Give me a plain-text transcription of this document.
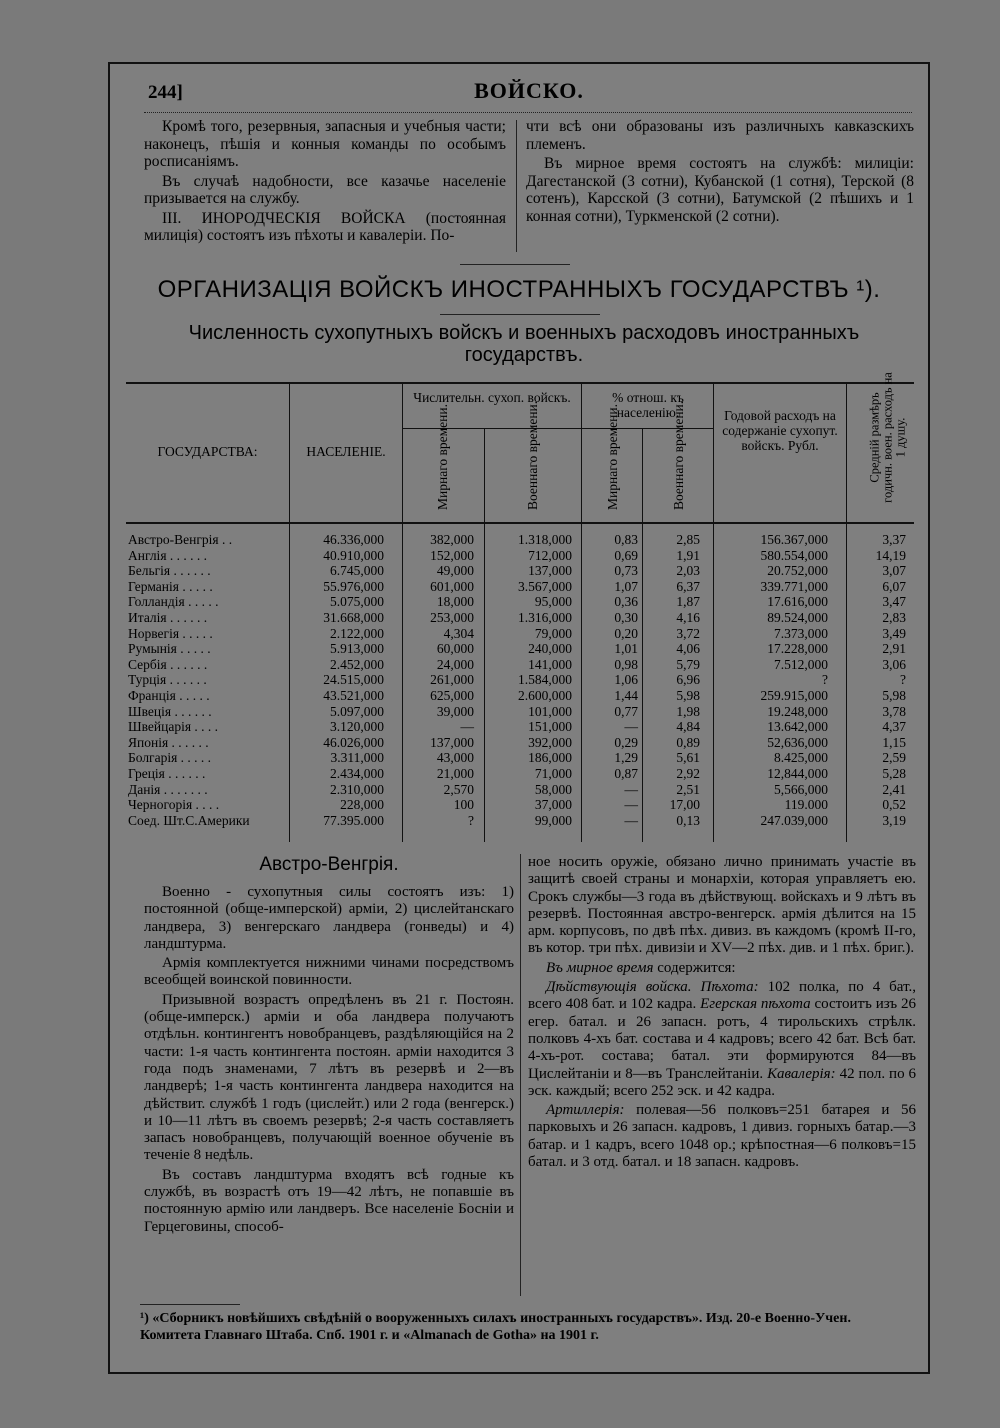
244]	ВОЙСКО.

Кромѣ того, резервныя, запасныя и учебныя части; наконецъ, пѣшія и конныя команды по особымъ росписаніямъ.

Въ случаѣ надобности, все казачье населеніе призывается на службу.

III. ИНОРОДЧЕСКІЯ ВОЙСКА (постоянная милиція) состоятъ изъ пѣхоты и кавалеріи. По-

чти всѣ они образованы изъ различныхъ кавказскихъ племенъ.

Въ мирное время состоятъ на службѣ: милиціи: Дагестанской (3 сотни), Кубанской (1 сотня), Терской (8 сотенъ), Карсской (3 сотни), Батумской (2 пѣшихъ и 1 конная сотни), Туркменской (2 сотни).

ОРГАНИЗАЦІЯ ВОЙСКЪ ИНОСТРАННЫХЪ ГОСУДАРСТВЪ ¹).
Численность сухопутныхъ войскъ и военныхъ расходовъ иностранныхъ государствъ.
ГОСУДАРСТВА:	НАСЕЛЕНІЕ.
Числительн. сухоп. войскъ.	% отнош. къ населенію.	Годовой расходъ на содержаніе сухопут. войскъ. Рубл.
Мирнаго времени.	Военнаго времени.	Мирнаго времени.	Военнаго времени.	Средній размѣръ годичн. воен. расходъ на 1 душу.
Австро-Венгрія . .	46.336,000	382,000	1.318,000	0,83	2,85	156.367,000	3,37
Англія . . . . . .	40.910,000	152,000	712,000	0,69	1,91	580.554,000	14,19
Бельгія . . . . . .	6.745,000	49,000	137,000	0,73	2,03	20.752,000	3,07
Германія . . . . .	55.976,000	601,000	3.567,000	1,07	6,37	339.771,000	6,07
Голландія . . . . .	5.075,000	18,000	95,000	0,36	1,87	17.616,000	3,47
Италія . . . . . .	31.668,000	253,000	1.316,000	0,30	4,16	89.524,000	2,83
Норвегія . . . . .	2.122,000	4,304	79,000	0,20	3,72	7.373,000	3,49
Румынія . . . . .	5.913,000	60,000	240,000	1,01	4,06	17.228,000	2,91
Сербія . . . . . .	2.452,000	24,000	141,000	0,98	5,79	7.512,000	3,06
Турція . . . . . .	24.515,000	261,000	1.584,000	1,06	6,96	?	?
Франція . . . . .	43.521,000	625,000	2.600,000	1,44	5,98	259.915,000	5,98
Швеція . . . . . .	5.097,000	39,000	101,000	0,77	1,98	19.248,000	3,78
Швейцарія . . . .	3.120,000	—	151,000	—	4,84	13.642,000	4,37
Японія . . . . . .	46.026,000	137,000	392,000	0,29	0,89	52,636,000	1,15
Болгарія . . . . .	3.311,000	43,000	186,000	1,29	5,61	8.425,000	2,59
Греція . . . . . .	2.434,000	21,000	71,000	0,87	2,92	12,844,000	5,28
Данія . . . . . . .	2.310,000	2,570	58,000	—	2,51	5,566,000	2,41
Черногорія . . . .	228,000	100	37,000	—	17,00	119.000	0,52
Соед. Шт.С.Америки	77.395.000	?	99,000	—	0,13	247.039,000	3,19
Австро-Венгрія.

Военно - сухопутныя силы состоятъ изъ: 1) постоянной (обще-имперской) арміи, 2) цислейтанскаго ландвера, 3) венгерскаго ландвера (гонведы) и 4) ландштурма.

Армія комплектуется нижними чинами посредствомъ всеобщей воинской повинности.

Призывной возрастъ опредѣленъ въ 21 г. Постоян. (обще-имперск.) арміи и оба ландвера получаютъ отдѣльн. контингентъ новобранцевъ, раздѣляющійся на 2 части: 1-я часть контингента постоян. арміи находится 3 года подъ знаменами, 7 лѣтъ въ резервѣ и 2—въ ландверѣ; 1-я часть контингента ландвера находится на дѣйствит. службѣ 1 годъ (цислейт.) или 2 года (венгерск.) и 10—11 лѣтъ въ своемъ резервѣ; 2-я часть составляетъ запасъ новобранцевъ, получающій военное обученіе въ теченіе 8 недѣль.

Въ составъ ландштурма входятъ всѣ годные къ службѣ, въ возрастѣ отъ 19—42 лѣтъ, не попавшіе въ постоянную армію или ландверъ. Все населеніе Босніи и Герцеговины, способ-

ное носить оружіе, обязано лично принимать участіе въ защитѣ своей страны и монархіи, которая управляетъ ею. Срокъ службы—3 года въ дѣйствующ. войскахъ и 9 лѣтъ въ резервѣ. Постоянная австро-венгерск. армія дѣлится на 15 арм. корпусовъ, по двѣ пѣх. дивиз. въ каждомъ (кромѣ II-го, въ котор. три пѣх. дивизіи и XV—2 пѣх. див. и 1 пѣх. бриг.).

Въ мирное время содержится:

Дѣйствующія войска. Пѣхота: 102 полка, по 4 бат., всего 408 бат. и 102 кадра. Егерская пѣхота состоитъ изъ 26 егер. батал. и 26 запасн. ротъ, 4 тирольскихъ стрѣлк. полковъ 4-хъ бат. состава и 4 кадровъ; всего 42 бат. Всѣ бат. 4-хъ-рот. состава; батал. эти формируются 84—въ Цислейтаніи и 8—въ Транслейтаніи. Кавалерія: 42 пол. по 6 эск. каждый; всего 252 эск. и 42 кадра.

Артиллерія: полевая—56 полковъ=251 батарея и 56 парковыхъ и 26 запасн. кадровъ, 1 дивиз. горныхъ батар.—3 батар. и 1 кадръ, всего 1048 ор.; крѣпостная—6 полковъ=15 батал. и 3 отд. батал. и 18 запасн. кадровъ.

¹) «Сборникъ новѣйшихъ свѣдѣній о вооруженныхъ силахъ иностранныхъ государствъ». Изд. 20-е Военно-Учен. Комитета Главнаго Штаба. Спб. 1901 г. и «Almanach de Gotha» на 1901 г.
